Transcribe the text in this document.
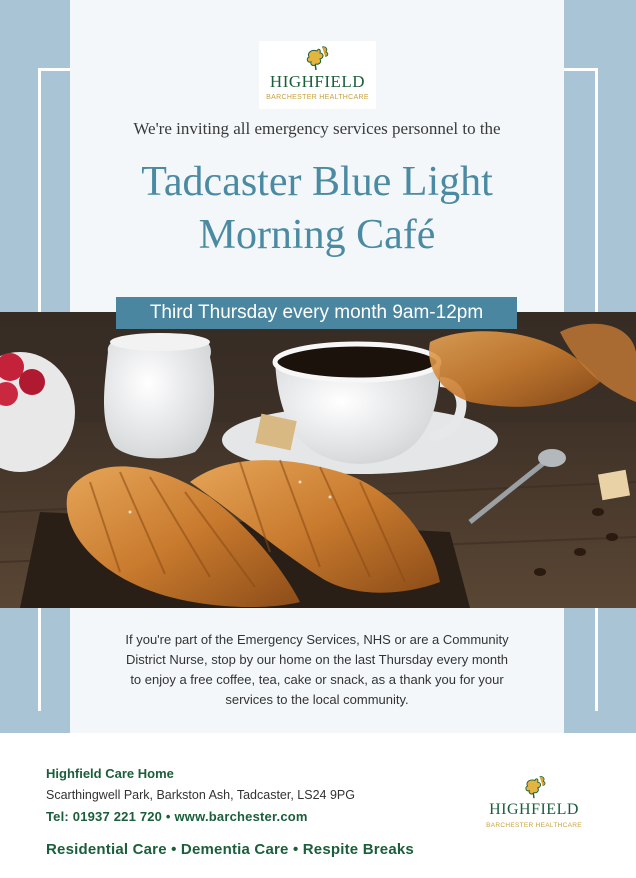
HIGHFIELD
BARCHESTER HEALTHCARE
We're inviting all emergency services personnel to the
Tadcaster Blue Light
Morning Café
Third Thursday every month 9am-12pm
If you're part of the Emergency Services, NHS or are a Community
District Nurse, stop by our home on the last Thursday every month
to enjoy a free coffee, tea, cake or snack, as a thank you for your
services to the local community.
Highfield Care Home
Scarthingwell Park, Barkston Ash, Tadcaster, LS24 9PG
Tel: 01937 221 720 • www.barchester.com
Residential Care • Dementia Care • Respite Breaks
HIGHFIELD
BARCHESTER HEALTHCARE
